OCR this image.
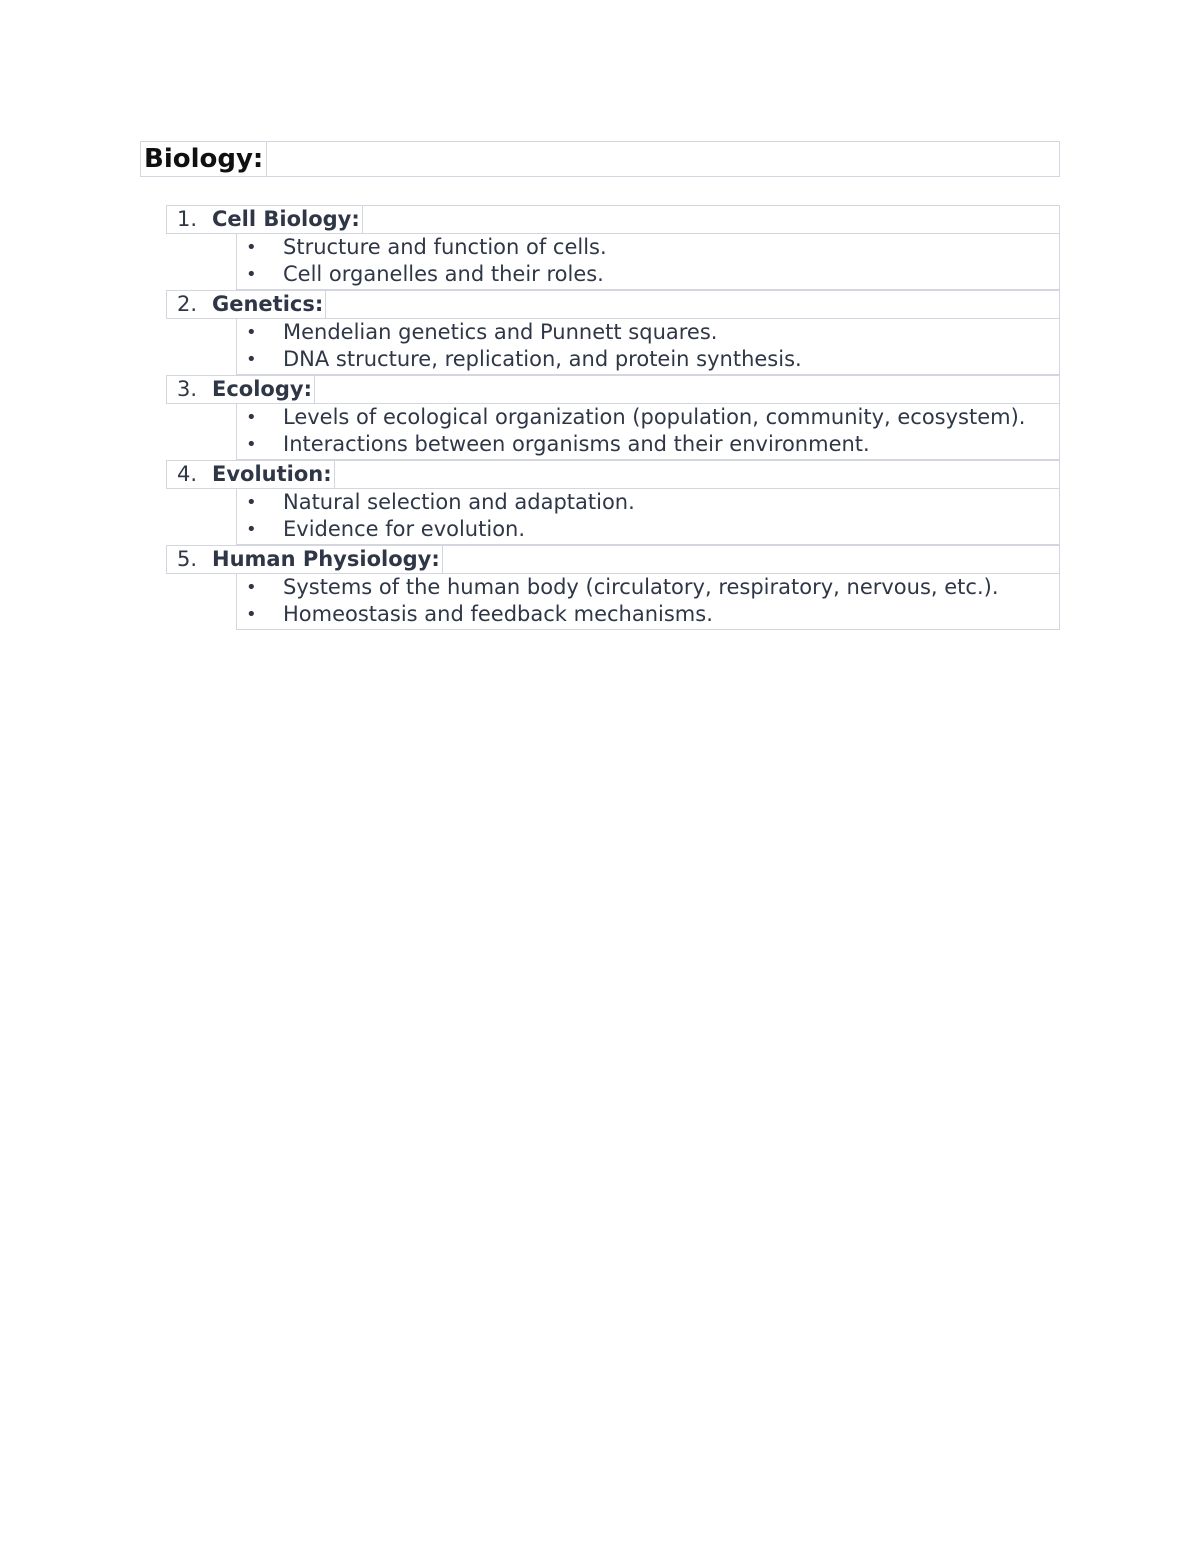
Biology:
1. Cell Biology:
• Structure and function of cells.
• Cell organelles and their roles.
2. Genetics:
• Mendelian genetics and Punnett squares.
• DNA structure, replication, and protein synthesis.
3. Ecology:
• Levels of ecological organization (population, community, ecosystem).
• Interactions between organisms and their environment.
4. Evolution:
• Natural selection and adaptation.
• Evidence for evolution.
5. Human Physiology:
• Systems of the human body (circulatory, respiratory, nervous, etc.).
• Homeostasis and feedback mechanisms.
